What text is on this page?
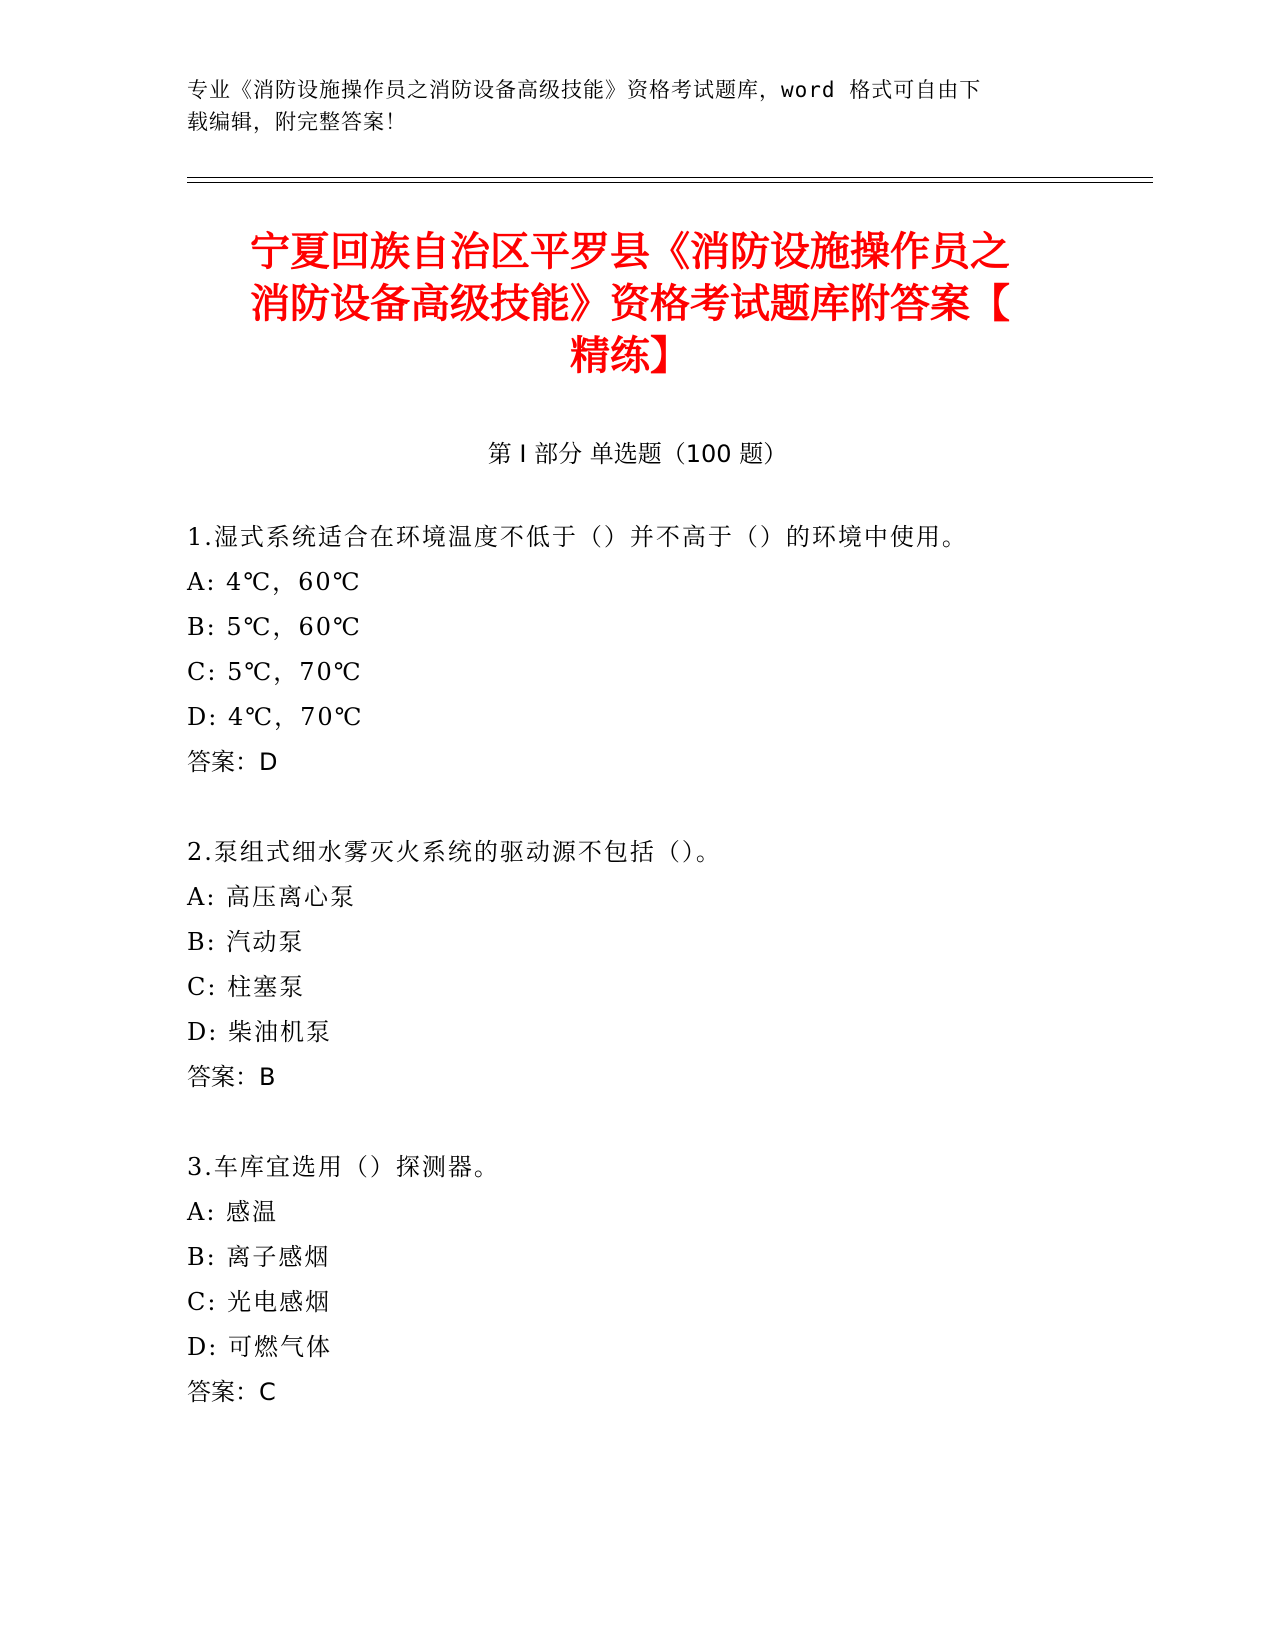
专业《消防设施操作员之消防设备高级技能》资格考试题库，word 格式可自由下
载编辑，附完整答案！
宁夏回族自治区平罗县《消防设施操作员之
消防设备高级技能》资格考试题库附答案【
精练】
第 I 部分 单选题（100 题）
1.湿式系统适合在环境温度不低于（）并不高于（）的环境中使用。
A: 4℃，60℃
B: 5℃，60℃
C: 5℃，70℃
D: 4℃，70℃
答案：D
2.泵组式细水雾灭火系统的驱动源不包括（）。
A: 高压离心泵
B: 汽动泵
C: 柱塞泵
D: 柴油机泵
答案：B
3.车库宜选用（）探测器。
A: 感温
B: 离子感烟
C: 光电感烟
D: 可燃气体
答案：C
